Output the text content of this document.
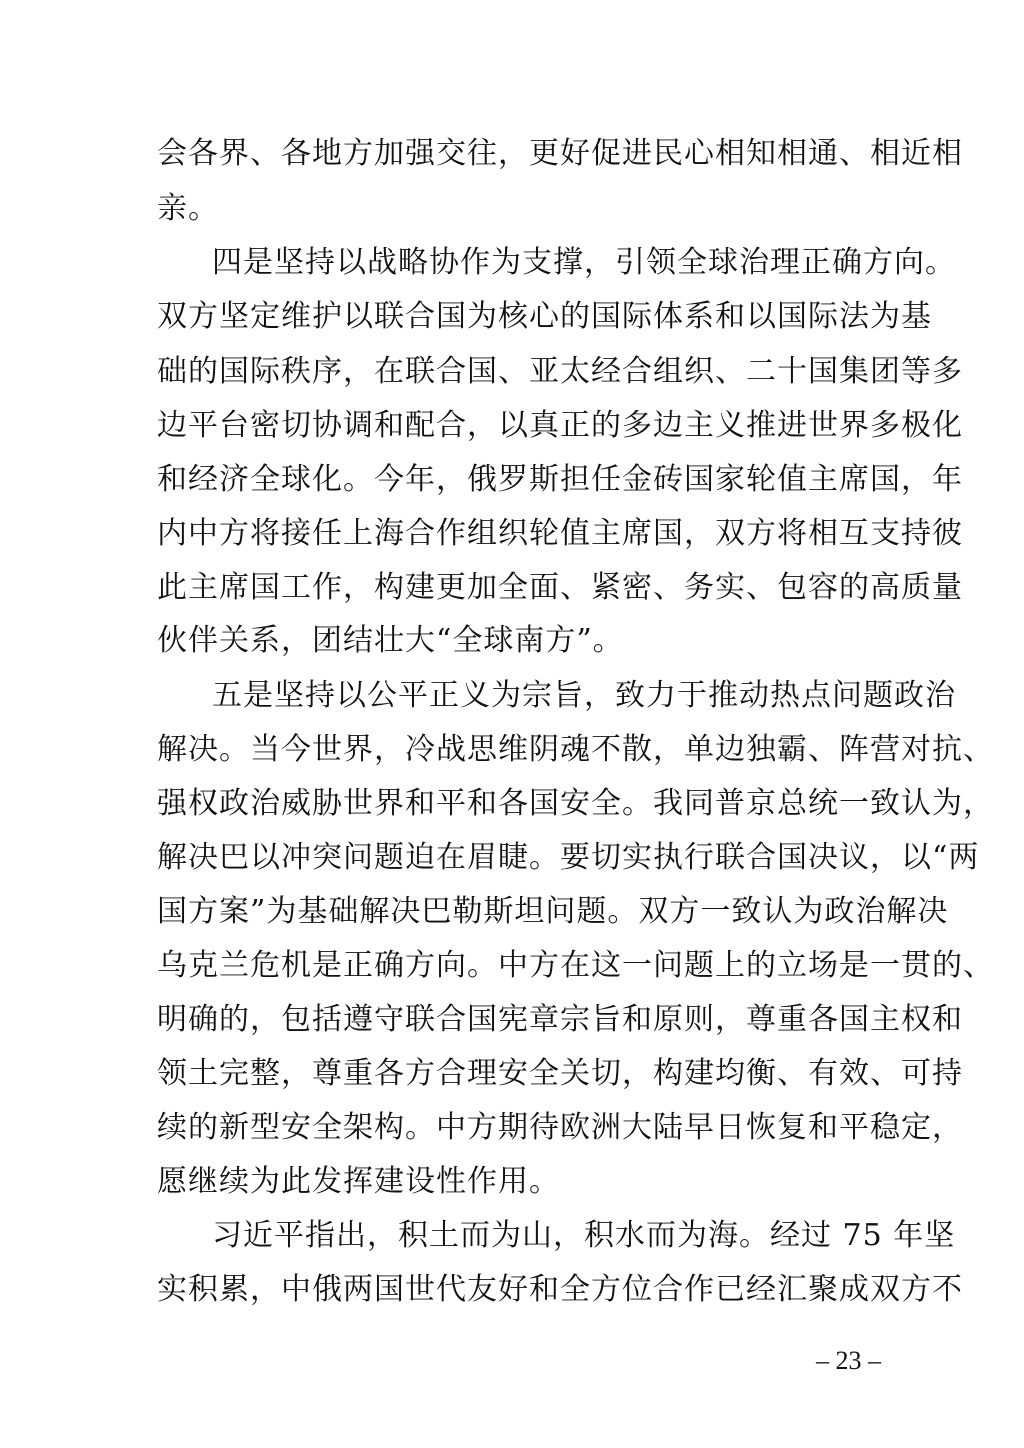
会各界、各地方加强交往，更好促进民心相知相通、相近相
亲。
四是坚持以战略协作为支撑，引领全球治理正确方向。
双方坚定维护以联合国为核心的国际体系和以国际法为基
础的国际秩序，在联合国、亚太经合组织、二十国集团等多
边平台密切协调和配合，以真正的多边主义推进世界多极化
和经济全球化。今年，俄罗斯担任金砖国家轮值主席国，年
内中方将接任上海合作组织轮值主席国，双方将相互支持彼
此主席国工作，构建更加全面、紧密、务实、包容的高质量
伙伴关系，团结壮大“全球南方”。
五是坚持以公平正义为宗旨，致力于推动热点问题政治
解决。当今世界，冷战思维阴魂不散，单边独霸、阵营对抗、
强权政治威胁世界和平和各国安全。我同普京总统一致认为，
解决巴以冲突问题迫在眉睫。要切实执行联合国决议，以“两
国方案”为基础解决巴勒斯坦问题。双方一致认为政治解决
乌克兰危机是正确方向。中方在这一问题上的立场是一贯的、
明确的，包括遵守联合国宪章宗旨和原则，尊重各国主权和
领土完整，尊重各方合理安全关切，构建均衡、有效、可持
续的新型安全架构。中方期待欧洲大陆早日恢复和平稳定，
愿继续为此发挥建设性作用。
习近平指出，积土而为山，积水而为海。经过 75 年坚
实积累，中俄两国世代友好和全方位合作已经汇聚成双方不
– 23 –
